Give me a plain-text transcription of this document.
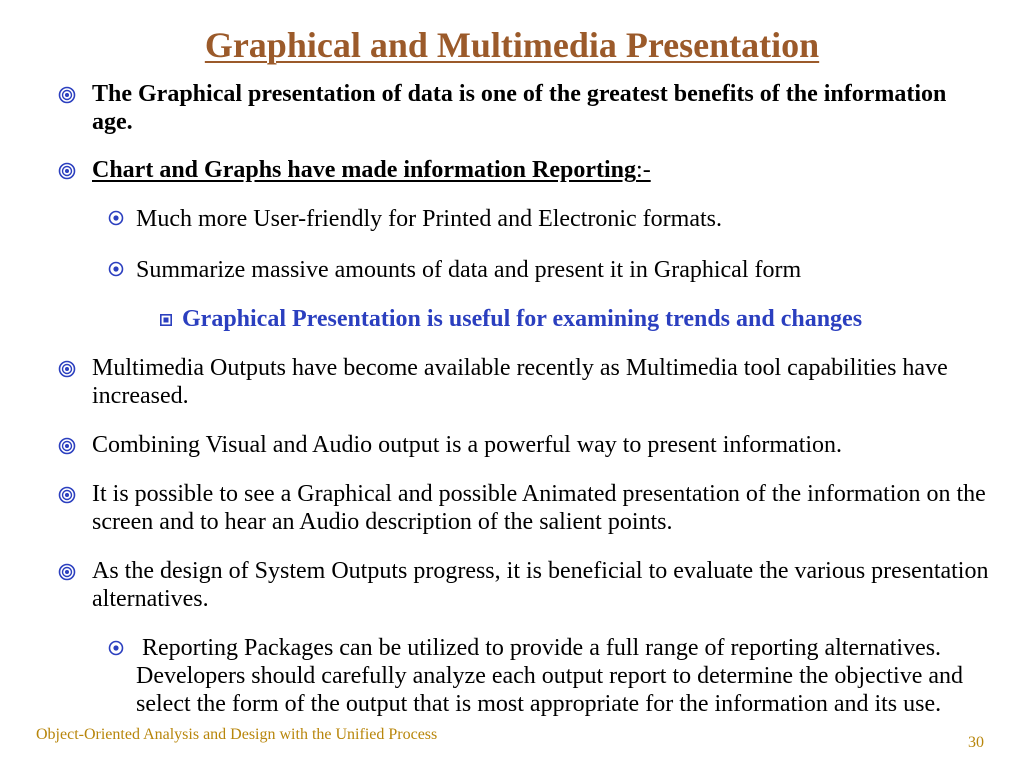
Graphical and Multimedia Presentation
The Graphical presentation of data is one of the greatest benefits of the information age.
Chart and Graphs have made information Reporting:-
Much more User-friendly for Printed and Electronic formats.
Summarize massive amounts of data and present it in Graphical form
Graphical Presentation is useful for examining trends and changes
Multimedia Outputs have become available recently as Multimedia tool capabilities have increased.
Combining Visual and Audio output is a powerful way to present information.
It is possible to see a Graphical and possible Animated presentation of the information on the screen and to hear an Audio description of the salient points.
As the design of System Outputs progress, it is beneficial to evaluate the various presentation alternatives.
Reporting Packages can be utilized to provide a full range of reporting alternatives. Developers should carefully analyze each output report to determine the objective and select the form of the output that is most appropriate for the information and its use.
Object-Oriented Analysis and Design with the Unified Process	30
